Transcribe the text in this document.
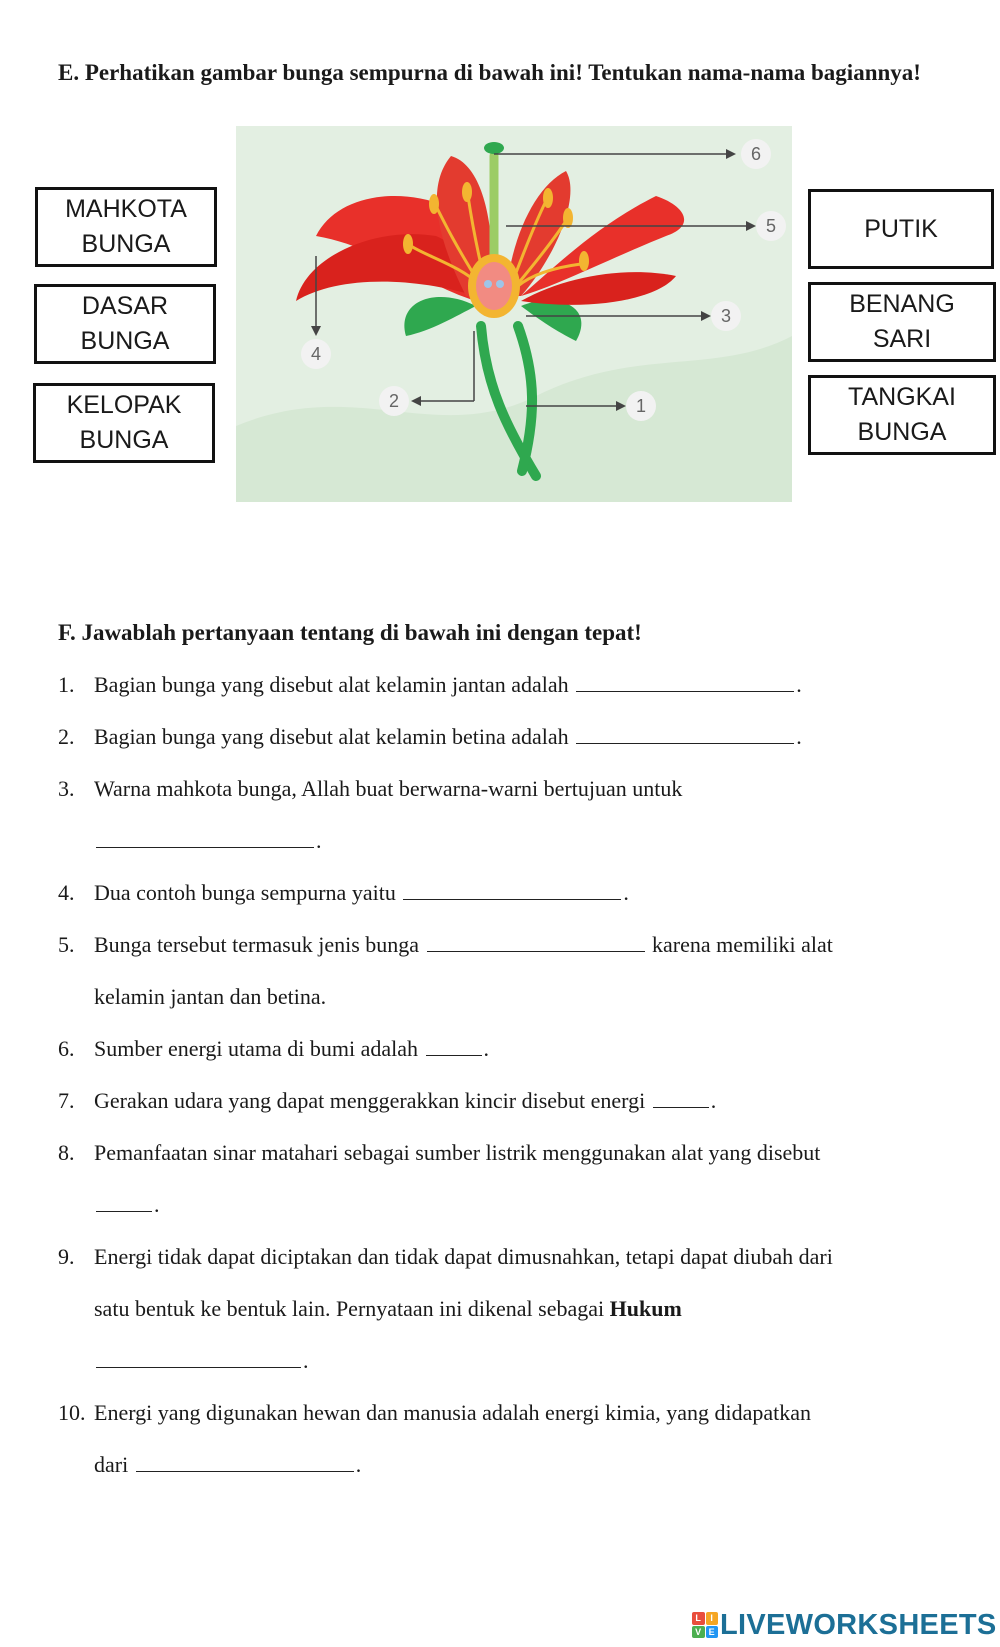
E. Perhatikan gambar bunga sempurna di bawah ini! Tentukan nama-nama bagiannya!
MAHKOTA BUNGA
DASAR BUNGA
KELOPAK BUNGA
PUTIK
BENANG SARI
TANGKAI BUNGA
6
5
3
4
2	1
F. Jawablah pertanyaan tentang di bawah ini dengan tepat!
1. Bagian bunga yang disebut alat kelamin jantan adalah	.
2. Bagian bunga yang disebut alat kelamin betina adalah	.
3. Warna mahkota bunga, Allah buat berwarna-warni bertujuan untuk
.
4. Dua contoh bunga sempurna yaitu	.
5. Bunga tersebut termasuk jenis bunga	karena memiliki alat
kelamin jantan dan betina.
6. Sumber energi utama di bumi adalah	.
7. Gerakan udara yang dapat menggerakkan kincir disebut energi	.
8. Pemanfaatan sinar matahari sebagai sumber listrik menggunakan alat yang disebut
.
9. Energi tidak dapat diciptakan dan tidak dapat dimusnahkan, tetapi dapat diubah dari
satu bentuk ke bentuk lain. Pernyataan ini dikenal sebagai Hukum
.
10. Energi yang digunakan hewan dan manusia adalah energi kimia, yang didapatkan
dari	.
L	I
V E LIVEWORKSHEETS
